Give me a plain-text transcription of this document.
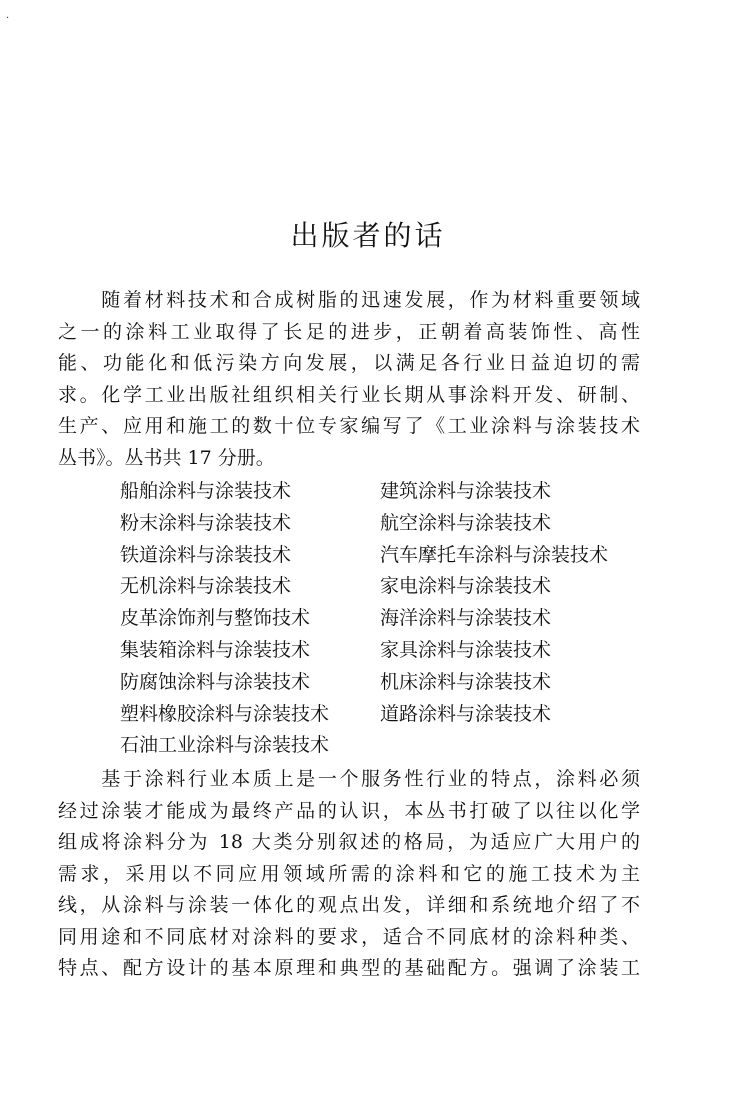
·
出版者的话
　　随着材料技术和合成树脂的迅速发展，作为材料重要领域
之一的涂料工业取得了长足的进步，正朝着高装饰性、高性
能、功能化和低污染方向发展，以满足各行业日益迫切的需
求。化学工业出版社组织相关行业长期从事涂料开发、研制、
生产、应用和施工的数十位专家编写了《工业涂料与涂装技术
丛书》。丛书共 17 分册。
船舶涂料与涂装技术	建筑涂料与涂装技术
粉末涂料与涂装技术	航空涂料与涂装技术
铁道涂料与涂装技术	汽车摩托车涂料与涂装技术
无机涂料与涂装技术	家电涂料与涂装技术
皮革涂饰剂与整饰技术	海洋涂料与涂装技术
集装箱涂料与涂装技术	家具涂料与涂装技术
防腐蚀涂料与涂装技术	机床涂料与涂装技术
塑料橡胶涂料与涂装技术	道路涂料与涂装技术
石油工业涂料与涂装技术
　　基于涂料行业本质上是一个服务性行业的特点，涂料必须
经过涂装才能成为最终产品的认识，本丛书打破了以往以化学
组成将涂料分为 18 大类分别叙述的格局，为适应广大用户的
需求，采用以不同应用领域所需的涂料和它的施工技术为主
线，从涂料与涂装一体化的观点出发，详细和系统地介绍了不
同用途和不同底材对涂料的要求，适合不同底材的涂料种类、
特点、配方设计的基本原理和典型的基础配方。强调了涂装工
